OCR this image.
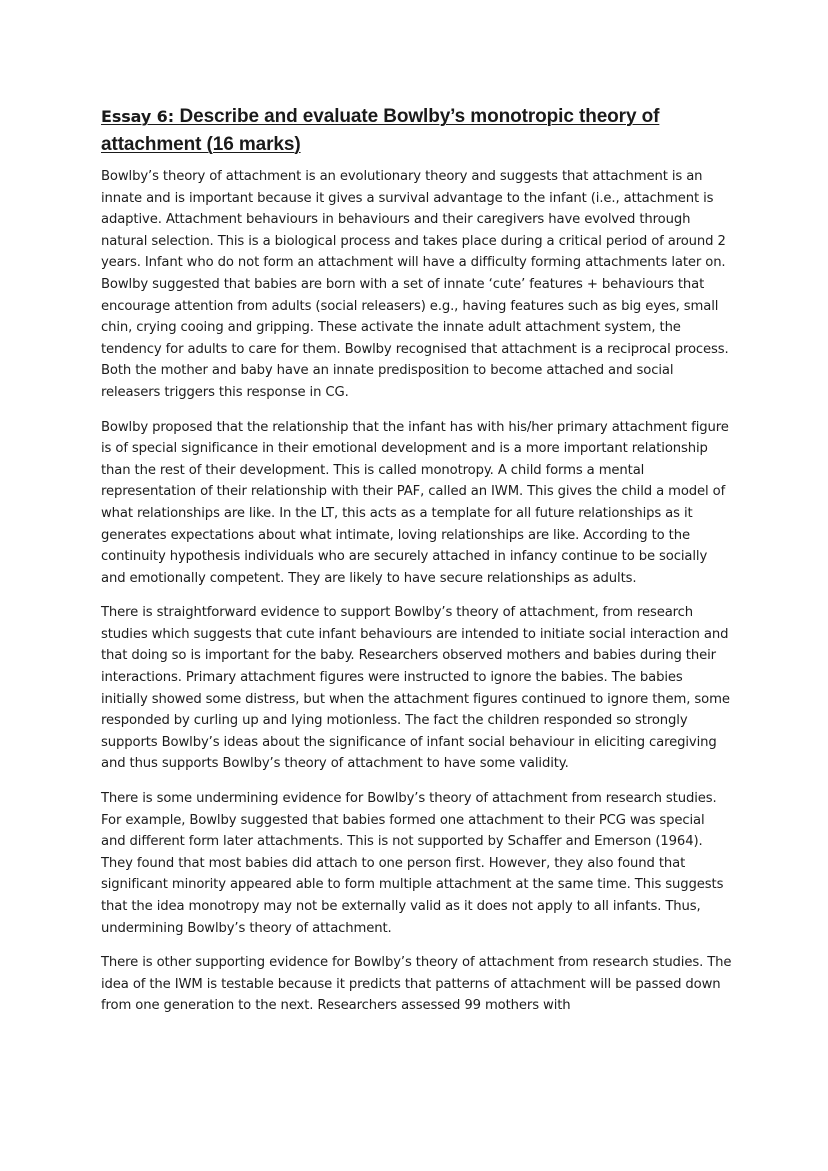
Essay 6: Describe and evaluate Bowlby’s monotropic theory of attachment (16 marks)

Bowlby’s theory of attachment is an evolutionary theory and suggests that attachment is an innate and is important because it gives a survival advantage to the infant (i.e., attachment is adaptive. Attachment behaviours in behaviours and their caregivers have evolved through natural selection. This is a biological process and takes place during a critical period of around 2 years. Infant who do not form an attachment will have a difficulty forming attachments later on. Bowlby suggested that babies are born with a set of innate ‘cute’ features + behaviours that encourage attention from adults (social releasers) e.g., having features such as big eyes, small chin, crying cooing and gripping. These activate the innate adult attachment system, the tendency for adults to care for them. Bowlby recognised that attachment is a reciprocal process. Both the mother and baby have an innate predisposition to become attached and social releasers triggers this response in CG.

Bowlby proposed that the relationship that the infant has with his/her primary attachment figure is of special significance in their emotional development and is a more important relationship than the rest of their development. This is called monotropy. A child forms a mental representation of their relationship with their PAF, called an IWM. This gives the child a model of what relationships are like. In the LT, this acts as a template for all future relationships as it generates expectations about what intimate, loving relationships are like. According to the continuity hypothesis individuals who are securely attached in infancy continue to be socially and emotionally competent. They are likely to have secure relationships as adults.

There is straightforward evidence to support Bowlby’s theory of attachment, from research studies which suggests that cute infant behaviours are intended to initiate social interaction and that doing so is important for the baby. Researchers observed mothers and babies during their interactions. Primary attachment figures were instructed to ignore the babies. The babies initially showed some distress, but when the attachment figures continued to ignore them, some responded by curling up and lying motionless. The fact the children responded so strongly supports Bowlby’s ideas about the significance of infant social behaviour in eliciting caregiving and thus supports Bowlby’s theory of attachment to have some validity.

There is some undermining evidence for Bowlby’s theory of attachment from research studies. For example, Bowlby suggested that babies formed one attachment to their PCG was special and different form later attachments. This is not supported by Schaffer and Emerson (1964). They found that most babies did attach to one person first. However, they also found that significant minority appeared able to form multiple attachment at the same time. This suggests that the idea monotropy may not be externally valid as it does not apply to all infants. Thus, undermining Bowlby’s theory of attachment.

There is other supporting evidence for Bowlby’s theory of attachment from research studies. The idea of the IWM is testable because it predicts that patterns of attachment will be passed down from one generation to the next. Researchers assessed 99 mothers with
